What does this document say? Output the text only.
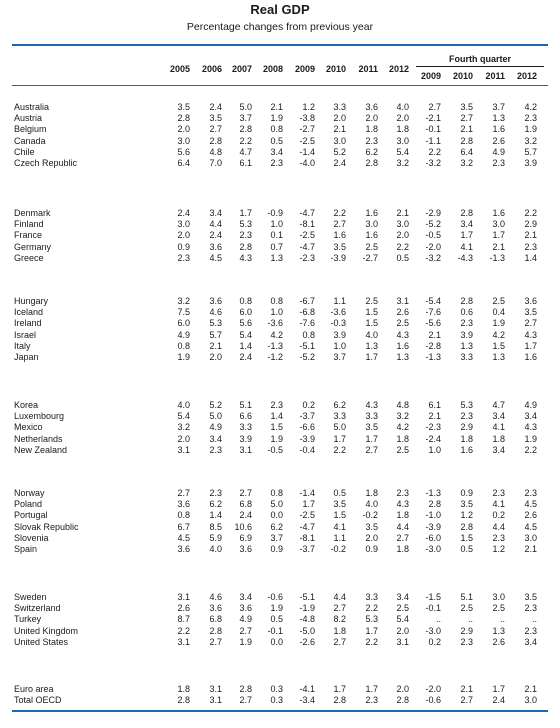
Real GDP
Percentage changes from previous year
Fourth quarter
2005	2006	2007	2008	2009	2010	2011	2012
2009	2010	2011	2012
Australia	3.5	2.4	5.0	2.1	1.2	3.3	3.6	4.0	2.7	3.5	3.7	4.2
Austria	2.8	3.5	3.7	1.9	-3.8	2.0	2.0	2.0	-2.1	2.7	1.3	2.3
Belgium	2.0	2.7	2.8	0.8	-2.7	2.1	1.8	1.8	-0.1	2.1	1.6	1.9
Canada	3.0	2.8	2.2	0.5	-2.5	3.0	2.3	3.0	-1.1	2.8	2.6	3.2
Chile	5.6	4.8	4.7	3.4	-1.4	5.2	6.2	5.4	2.2	6.4	4.9	5.7
Czech Republic	6.4	7.0	6.1	2.3	-4.0	2.4	2.8	3.2	-3.2	3.2	2.3	3.9
Denmark	2.4	3.4	1.7	-0.9	-4.7	2.2	1.6	2.1	-2.9	2.8	1.6	2.2
Finland	3.0	4.4	5.3	1.0	-8.1	2.7	3.0	3.0	-5.2	3.4	3.0	2.9
France	2.0	2.4	2.3	0.1	-2.5	1.6	1.6	2.0	-0.5	1.7	1.7	2.1
Germany	0.9	3.6	2.8	0.7	-4.7	3.5	2.5	2.2	-2.0	4.1	2.1	2.3
Greece	2.3	4.5	4.3	1.3	-2.3	-3.9	-2.7	0.5	-3.2	-4.3	-1.3	1.4
Hungary	3.2	3.6	0.8	0.8	-6.7	1.1	2.5	3.1	-5.4	2.8	2.5	3.6
Iceland	7.5	4.6	6.0	1.0	-6.8	-3.6	1.5	2.6	-7.6	0.6	0.4	3.5
Ireland	6.0	5.3	5.6	-3.6	-7.6	-0.3	1.5	2.5	-5.6	2.3	1.9	2.7
Israel	4.9	5.7	5.4	4.2	0.8	3.9	4.0	4.3	2.1	3.9	4.2	4.3
Italy	0.8	2.1	1.4	-1.3	-5.1	1.0	1.3	1.6	-2.8	1.3	1.5	1.7
Japan	1.9	2.0	2.4	-1.2	-5.2	3.7	1.7	1.3	-1.3	3.3	1.3	1.6
Korea	4.0	5.2	5.1	2.3	0.2	6.2	4.3	4.8	6.1	5.3	4.7	4.9
Luxembourg	5.4	5.0	6.6	1.4	-3.7	3.3	3.3	3.2	2.1	2.3	3.4	3.4
Mexico	3.2	4.9	3.3	1.5	-6.6	5.0	3.5	4.2	-2.3	2.9	4.1	4.3
Netherlands	2.0	3.4	3.9	1.9	-3.9	1.7	1.7	1.8	-2.4	1.8	1.8	1.9
New Zealand	3.1	2.3	3.1	-0.5	-0.4	2.2	2.7	2.5	1.0	1.6	3.4	2.2
Norway	2.7	2.3	2.7	0.8	-1.4	0.5	1.8	2.3	-1.3	0.9	2.3	2.3
Poland	3.6	6.2	6.8	5.0	1.7	3.5	4.0	4.3	2.8	3.5	4.1	4.5
Portugal	0.8	1.4	2.4	0.0	-2.5	1.5	-0.2	1.8	-1.0	1.2	0.2	2.6
Slovak Republic	6.7	8.5	10.6	6.2	-4.7	4.1	3.5	4.4	-3.9	2.8	4.4	4.5
Slovenia	4.5	5.9	6.9	3.7	-8.1	1.1	2.0	2.7	-6.0	1.5	2.3	3.0
Spain	3.6	4.0	3.6	0.9	-3.7	-0.2	0.9	1.8	-3.0	0.5	1.2	2.1
Sweden	3.1	4.6	3.4	-0.6	-5.1	4.4	3.3	3.4	-1.5	5.1	3.0	3.5
Switzerland	2.6	3.6	3.6	1.9	-1.9	2.7	2.2	2.5	-0.1	2.5	2.5	2.3
Turkey	8.7	6.8	4.9	0.5	-4.8	8.2	5.3	5.4	..	..	..	..
United Kingdom	2.2	2.8	2.7	-0.1	-5.0	1.8	1.7	2.0	-3.0	2.9	1.3	2.3
United States	3.1	2.7	1.9	0.0	-2.6	2.7	2.2	3.1	0.2	2.3	2.6	3.4
Euro area	1.8	3.1	2.8	0.3	-4.1	1.7	1.7	2.0	-2.0	2.1	1.7	2.1
Total OECD	2.8	3.1	2.7	0.3	-3.4	2.8	2.3	2.8	-0.6	2.7	2.4	3.0
